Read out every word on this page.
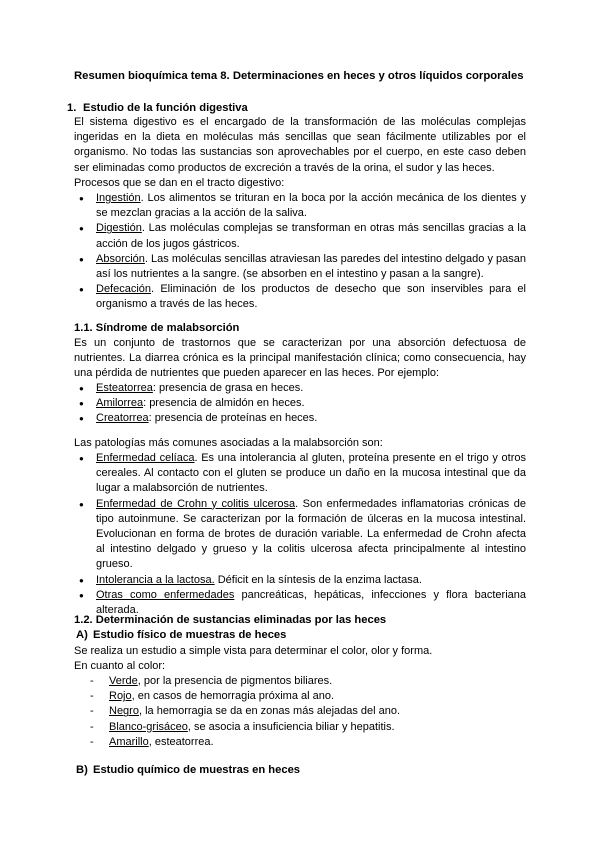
Resumen bioquímica tema 8. Determinaciones en heces y otros líquidos corporales
1. Estudio de la función digestiva
El sistema digestivo es el encargado de la transformación de las moléculas complejas ingeridas en la dieta en moléculas más sencillas que sean fácilmente utilizables por el organismo. No todas las sustancias son aprovechables por el cuerpo, en este caso deben ser eliminadas como productos de excreción a través de la orina, el sudor y las heces.
Procesos que se dan en el tracto digestivo:
● Ingestión. Los alimentos se trituran en la boca por la acción mecánica de los dientes y se mezclan gracias a la acción de la saliva.
● Digestión. Las moléculas complejas se transforman en otras más sencillas gracias a la acción de los jugos gástricos.
● Absorción. Las moléculas sencillas atraviesan las paredes del intestino delgado y pasan así los nutrientes a la sangre. (se absorben en el intestino y pasan a la sangre).
● Defecación. Eliminación de los productos de desecho que son inservibles para el organismo a través de las heces.
1.1. Síndrome de malabsorción
Es un conjunto de trastornos que se caracterizan por una absorción defectuosa de nutrientes. La diarrea crónica es la principal manifestación clínica; como consecuencia, hay una pérdida de nutrientes que pueden aparecer en las heces. Por ejemplo:
● Esteatorrea: presencia de grasa en heces.
● Amilorrea: presencia de almidón en heces.
● Creatorrea: presencia de proteínas en heces.
Las patologías más comunes asociadas a la malabsorción son:
● Enfermedad celíaca. Es una intolerancia al gluten, proteína presente en el trigo y otros cereales. Al contacto con el gluten se produce un daño en la mucosa intestinal que da lugar a malabsorción de nutrientes.
● Enfermedad de Crohn y colitis ulcerosa. Son enfermedades inflamatorias crónicas de tipo autoinmune. Se caracterizan por la formación de úlceras en la mucosa intestinal. Evolucionan en forma de brotes de duración variable. La enfermedad de Crohn afecta al intestino delgado y grueso y la colitis ulcerosa afecta principalmente al intestino grueso.
● Intolerancia a la lactosa. Déficit en la síntesis de la enzima lactasa.
● Otras como enfermedades pancreáticas, hepáticas, infecciones y flora bacteriana alterada.
1.2. Determinación de sustancias eliminadas por las heces
A) Estudio físico de muestras de heces
Se realiza un estudio a simple vista para determinar el color, olor y forma.
En cuanto al color:
- Verde, por la presencia de pigmentos biliares.
- Rojo, en casos de hemorragia próxima al ano.
- Negro, la hemorragia se da en zonas más alejadas del ano.
- Blanco-grisáceo, se asocia a insuficiencia biliar y hepatitis.
- Amarillo, esteatorrea.
B) Estudio químico de muestras en heces
